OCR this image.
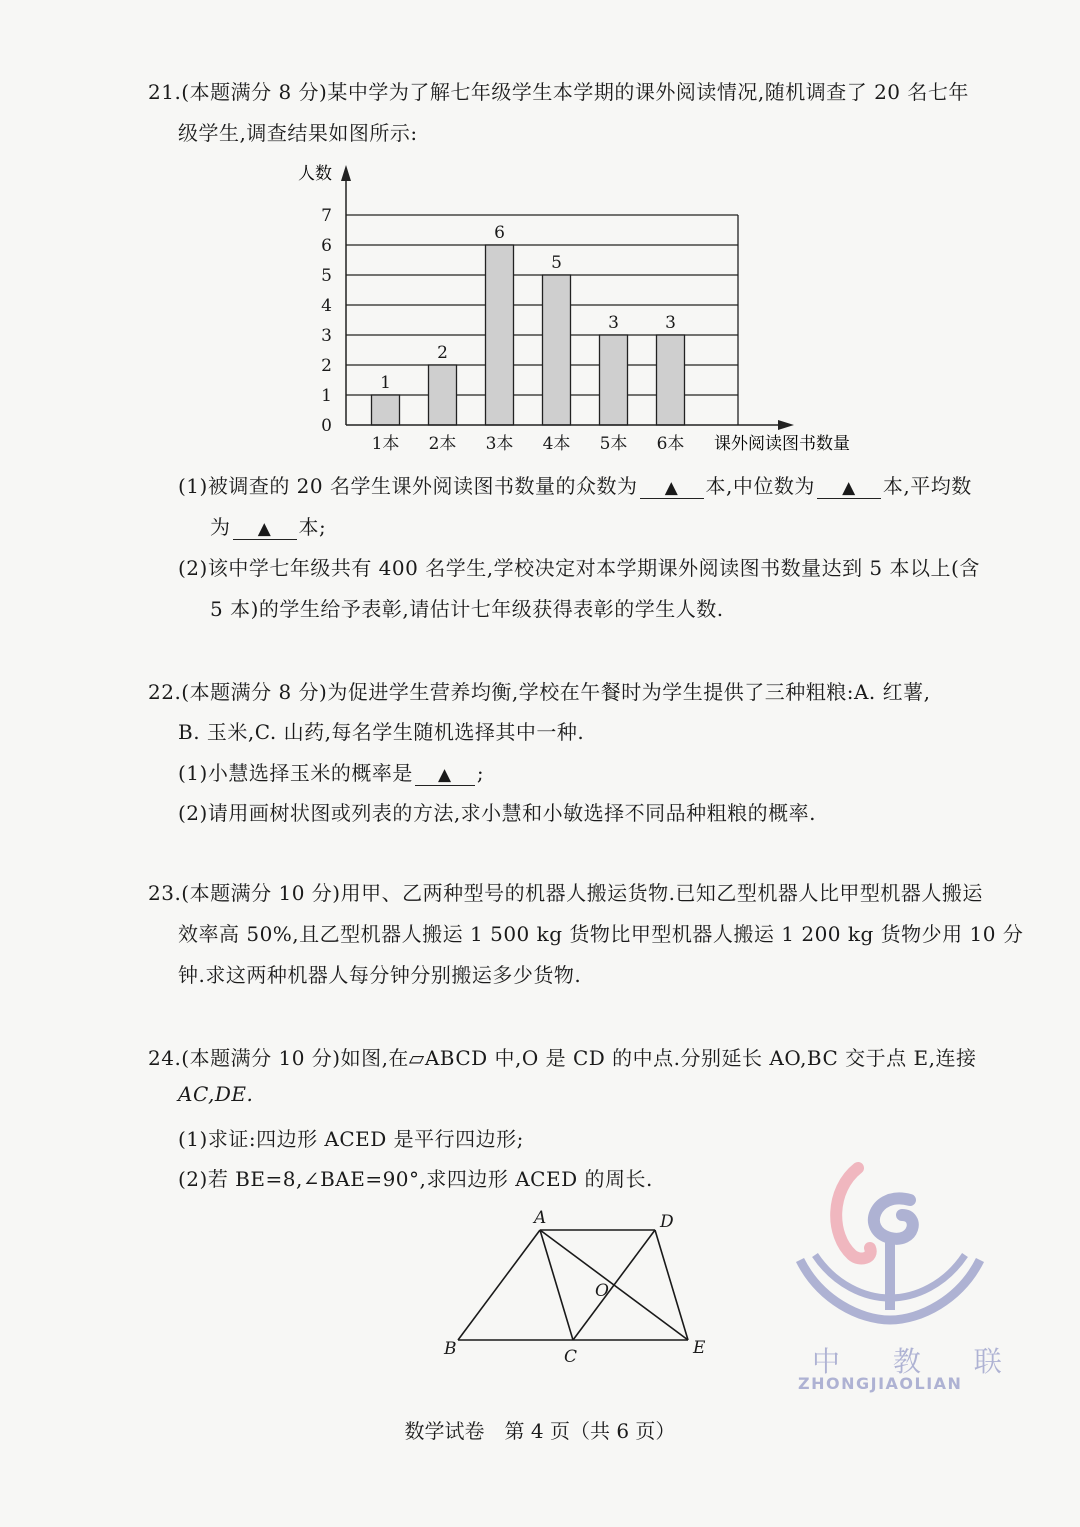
21.(本题满分 8 分)某中学为了解七年级学生本学期的课外阅读情况,随机调查了 20 名七年
级学生,调查结果如图所示:
1
2
6
5
3	3
0
1
2
3
4
5
6
7
1本 2本 3本 4本 5本 6本
人数
课外阅读图书数量
(1)被调查的 20 名学生课外阅读图书数量的众数为 ▲ 本,中位数为 ▲ 本,平均数
为 ▲ 本;
(2)该中学七年级共有 400 名学生,学校决定对本学期课外阅读图书数量达到 5 本以上(含
5 本)的学生给予表彰,请估计七年级获得表彰的学生人数.
22.(本题满分 8 分)为促进学生营养均衡,学校在午餐时为学生提供了三种粗粮:A. 红薯,
B. 玉米,C. 山药,每名学生随机选择其中一种.
(1)小慧选择玉米的概率是 ▲ ;
(2)请用画树状图或列表的方法,求小慧和小敏选择不同品种粗粮的概率.
23.(本题满分 10 分)用甲、乙两种型号的机器人搬运货物.已知乙型机器人比甲型机器人搬运
效率高 50%,且乙型机器人搬运 1 500 kg 货物比甲型机器人搬运 1 200 kg 货物少用 10 分
钟.求这两种机器人每分钟分别搬运多少货物.
24.(本题满分 10 分)如图,在▱ABCD 中,O 是 CD 的中点.分别延长 AO,BC 交于点 E,连接
AC,DE.
(1)求证:四边形 ACED 是平行四边形;
(2)若 BE=8,∠BAE=90°,求四边形 ACED 的周长.
A	D
O
B	C	E	中 教 联
ZHONGJIAOLIAN
数学试卷　第 4 页（共 6 页）
